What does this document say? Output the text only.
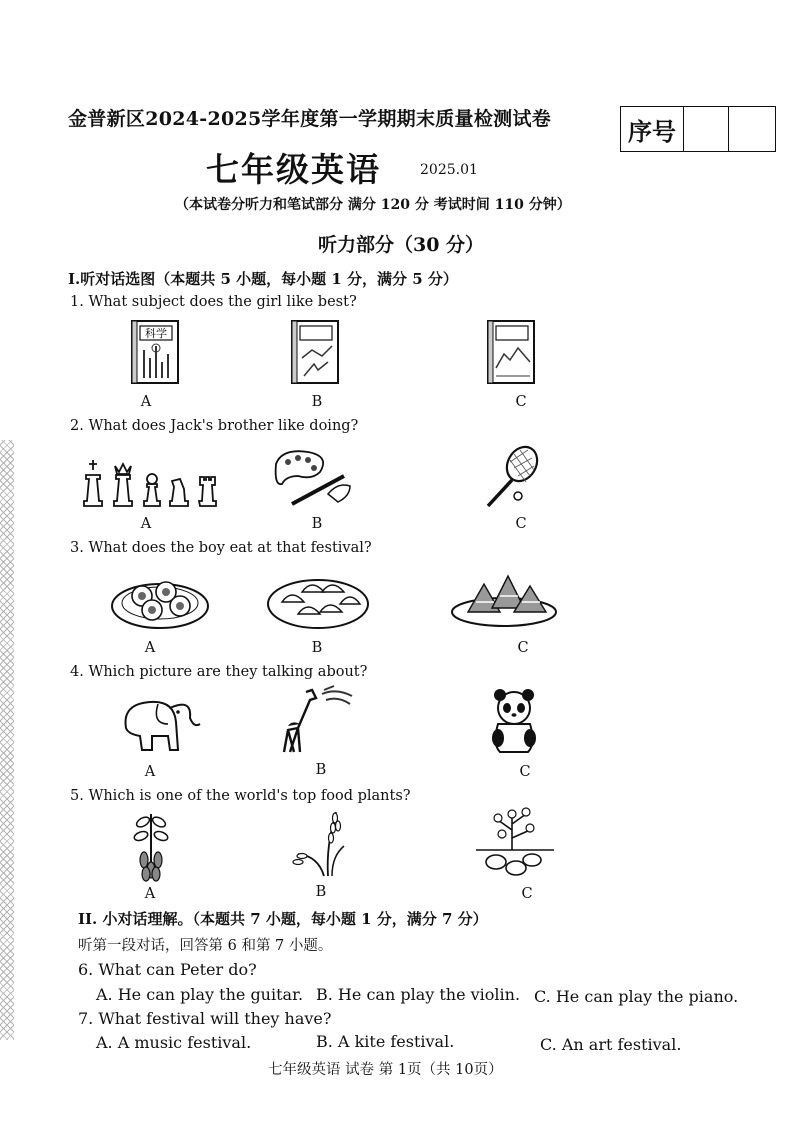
金普新区2024-2025学年度第一学期期末质量检测试卷	序号
七年级英语	2025.01
（本试卷分听力和笔试部分 满分 120 分 考试时间 110 分钟）
听力部分（30 分）
I.听对话选图（本题共 5 小题，每小题 1 分，满分 5 分）
1. What subject does the girl like best?
科学
A	B	C
2. What does Jack's brother like doing?
A	B	C
3. What does the boy eat at that festival?
A	B	C
4. Which picture are they talking about?
A	B	C
5. Which is one of the world's top food plants?
A	B	C
II. 小对话理解。（本题共 7 小题，每小题 1 分，满分 7 分）
听第一段对话，回答第 6 和第 7 小题。
6. What can Peter do?
A. He can play the guitar. B. He can play the violin. C. He can play the piano.
7. What festival will they have?
A. A music festival.	B. A kite festival.	C. An art festival.
七年级英语 试卷 第 1页（共 10页）
